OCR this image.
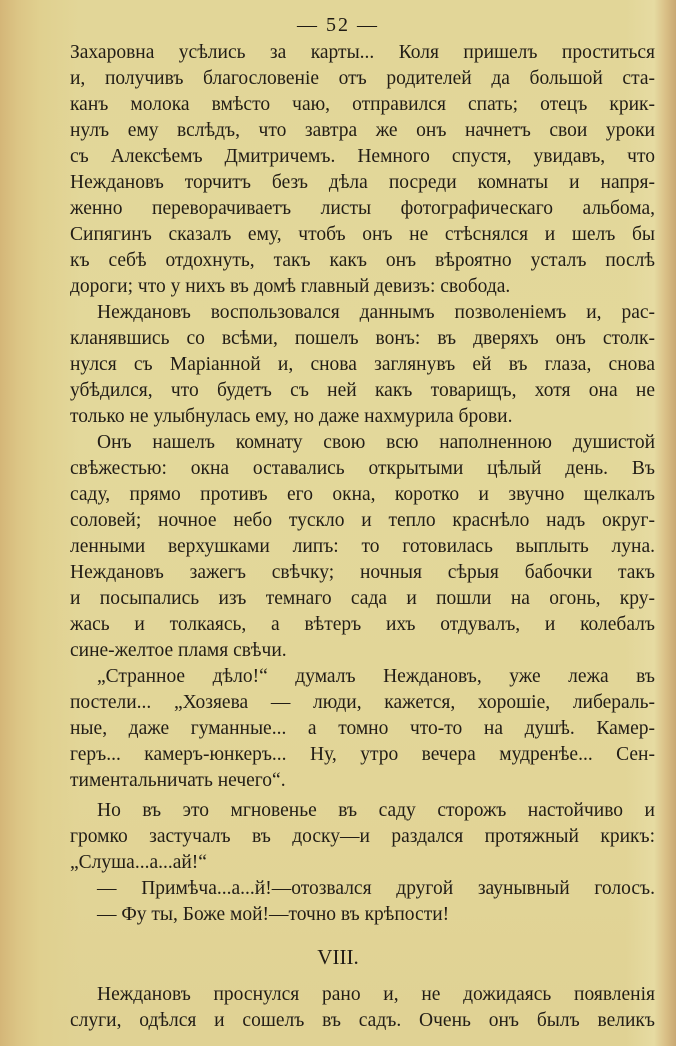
— 52 —
Захаровна усѣлись за карты... Коля пришелъ проститься
и, получивъ благословеніе отъ родителей да большой ста-
канъ молока вмѣсто чаю, отправился спать; отецъ крик-
нулъ ему вслѣдъ, что завтра же онъ начнетъ свои уроки
съ Алексѣемъ Дмитричемъ. Немного спустя, увидавъ, что
Неждановъ торчитъ безъ дѣла посреди комнаты и напря-
женно переворачиваетъ листы фотографическаго альбома,
Сипягинъ сказалъ ему, чтобъ онъ не стѣснялся и шелъ бы
къ себѣ отдохнуть, такъ какъ онъ вѣроятно усталъ послѣ
дороги; что у нихъ въ домѣ главный девизъ: свобода.
Неждановъ воспользовался даннымъ позволеніемъ и, рас-
кланявшись со всѣми, пошелъ вонъ: въ дверяхъ онъ столк-
нулся съ Маріанной и, снова заглянувъ ей въ глаза, снова
убѣдился, что будетъ съ ней какъ товарищъ, хотя она не
только не улыбнулась ему, но даже нахмурила брови.
Онъ нашелъ комнату свою всю наполненною душистой
свѣжестью: окна оставались открытыми цѣлый день. Въ
саду, прямо противъ его окна, коротко и звучно щелкалъ
соловей; ночное небо тускло и тепло краснѣло надъ округ-
ленными верхушками липъ: то готовилась выплыть луна.
Неждановъ зажегъ свѣчку; ночныя сѣрыя бабочки такъ
и посыпались изъ темнаго сада и пошли на огонь, кру-
жась и толкаясь, а вѣтеръ ихъ отдувалъ, и колебалъ
сине-желтое пламя свѣчи.
„Странное дѣло!“ думалъ Неждановъ, уже лежа въ
постели... „Хозяева — люди, кажется, хорошіе, либераль-
ные, даже гуманные... а томно что-то на душѣ. Камер-
геръ... камеръ-юнкеръ... Ну, утро вечера мудренѣе... Сен-
тиментальничать нечего“.
Но въ это мгновенье въ саду сторожъ настойчиво и
громко застучалъ въ доску—и раздался протяжный крикъ:
„Слуша...а...ай!“
— Примѣча...а...й!—отозвался другой заунывный голосъ.
— Фу ты, Боже мой!—точно въ крѣпости!
VIII.
Неждановъ проснулся рано и, не дожидаясь появленія
слуги, одѣлся и сошелъ въ садъ. Очень онъ былъ великъ
